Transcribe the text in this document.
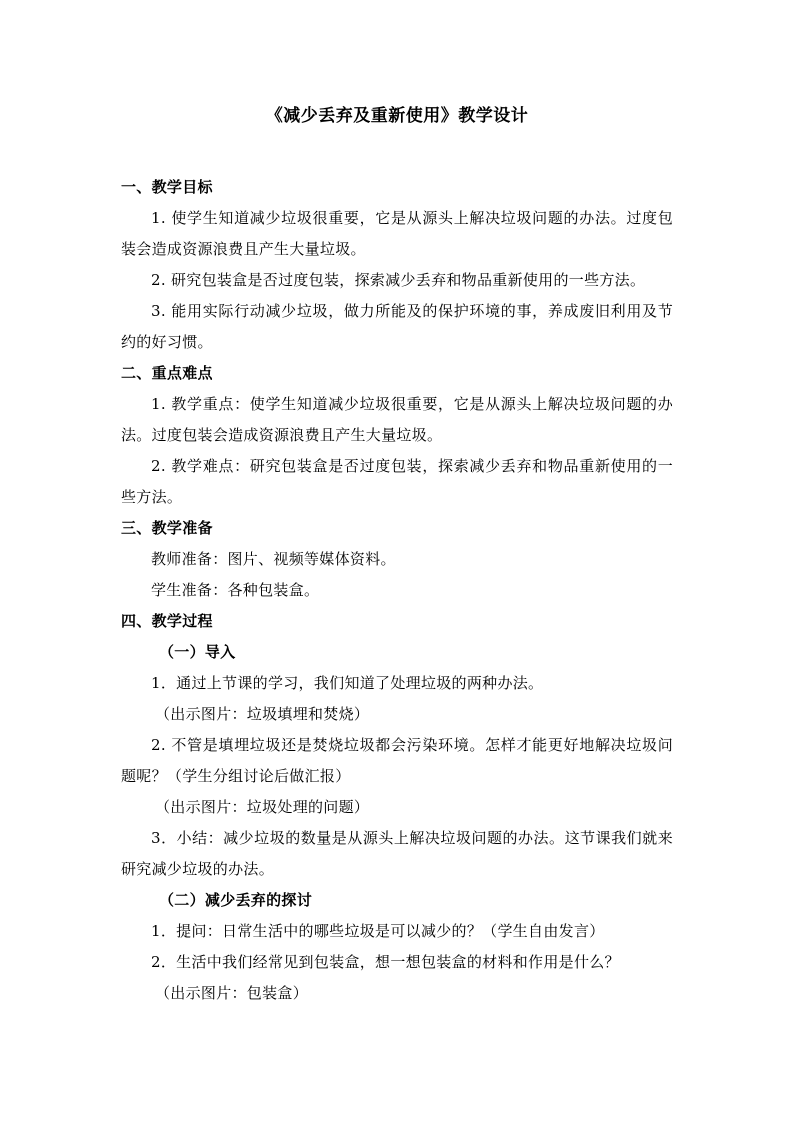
《减少丢弃及重新使用》教学设计

一、教学目标

1. 使学生知道减少垃圾很重要，它是从源头上解决垃圾问题的办法。过度包装会造成资源浪费且产生大量垃圾。

2. 研究包装盒是否过度包装，探索减少丢弃和物品重新使用的一些方法。

3. 能用实际行动减少垃圾，做力所能及的保护环境的事，养成废旧利用及节约的好习惯。

二、重点难点

1. 教学重点：使学生知道减少垃圾很重要，它是从源头上解决垃圾问题的办法。过度包装会造成资源浪费且产生大量垃圾。

2. 教学难点：研究包装盒是否过度包装，探索减少丢弃和物品重新使用的一些方法。

三、教学准备

教师准备：图片、视频等媒体资料。

学生准备：各种包装盒。

四、教学过程

（一）导入

1．通过上节课的学习，我们知道了处理垃圾的两种办法。

（出示图片：垃圾填埋和焚烧）

2. 不管是填埋垃圾还是焚烧垃圾都会污染环境。怎样才能更好地解决垃圾问题呢？（学生分组讨论后做汇报）

（出示图片：垃圾处理的问题）

3．小结：减少垃圾的数量是从源头上解决垃圾问题的办法。这节课我们就来研究减少垃圾的办法。

（二）减少丢弃的探讨

1．提问：日常生活中的哪些垃圾是可以减少的？（学生自由发言）

2．生活中我们经常见到包装盒，想一想包装盒的材料和作用是什么？

（出示图片：包装盒）
